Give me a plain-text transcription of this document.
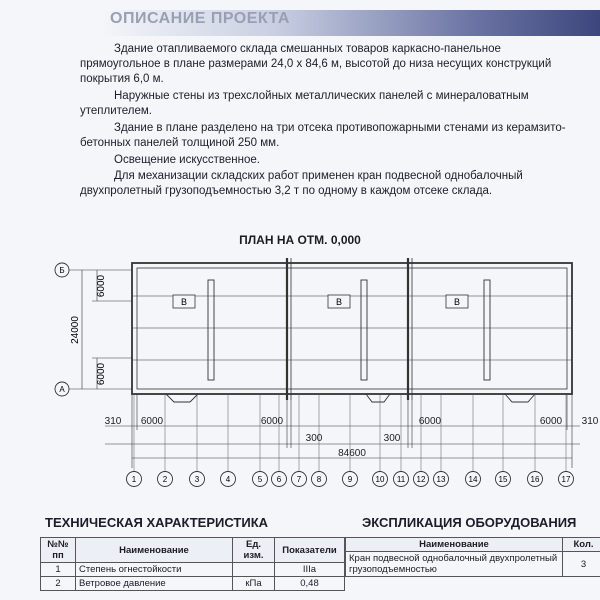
ОПИСАНИЕ ПРОЕКТА

Здание отапливаемого склада смешанных товаров каркасно-панельное прямоугольное в плане размерами 24,0 x 84,6 м, высотой до низа несущих конструкций покрытия 6,0 м.

Наружные стены из трехслойных металлических панелей с минераловатным утеплителем.

Здание в плане разделено на три отсека противопожарными стенами из керамзито-бетонных панелей толщиной 250 мм.

Освещение искусственное.

Для механизации складских работ применен кран подвесной однобалочный двухпролетный грузоподъемностью 3,2 т по одному в каждом отсеке склада.

ПЛАН НА ОТМ. 0,000
1	2	3	4	5 6 7 8	9	10 11 12 13	14	15	16	17
Б
A
6000
24000
6000
B	B	B
310 6000	6000	6000	6000 310
300	300
84600
ТЕХНИЧЕСКАЯ ХАРАКТЕРИСТИКА	ЭКСПЛИКАЦИЯ ОБОРУДОВАНИЯ
№№ пп	Наименование	Ед. изм.	Показатели
1	Степень огнестойкости		IIIa
2	Ветровое давление	кПа	0,48
Наименование	Кол.
Кран подвесной однобалочный двухпролетный грузоподъемностью	3
